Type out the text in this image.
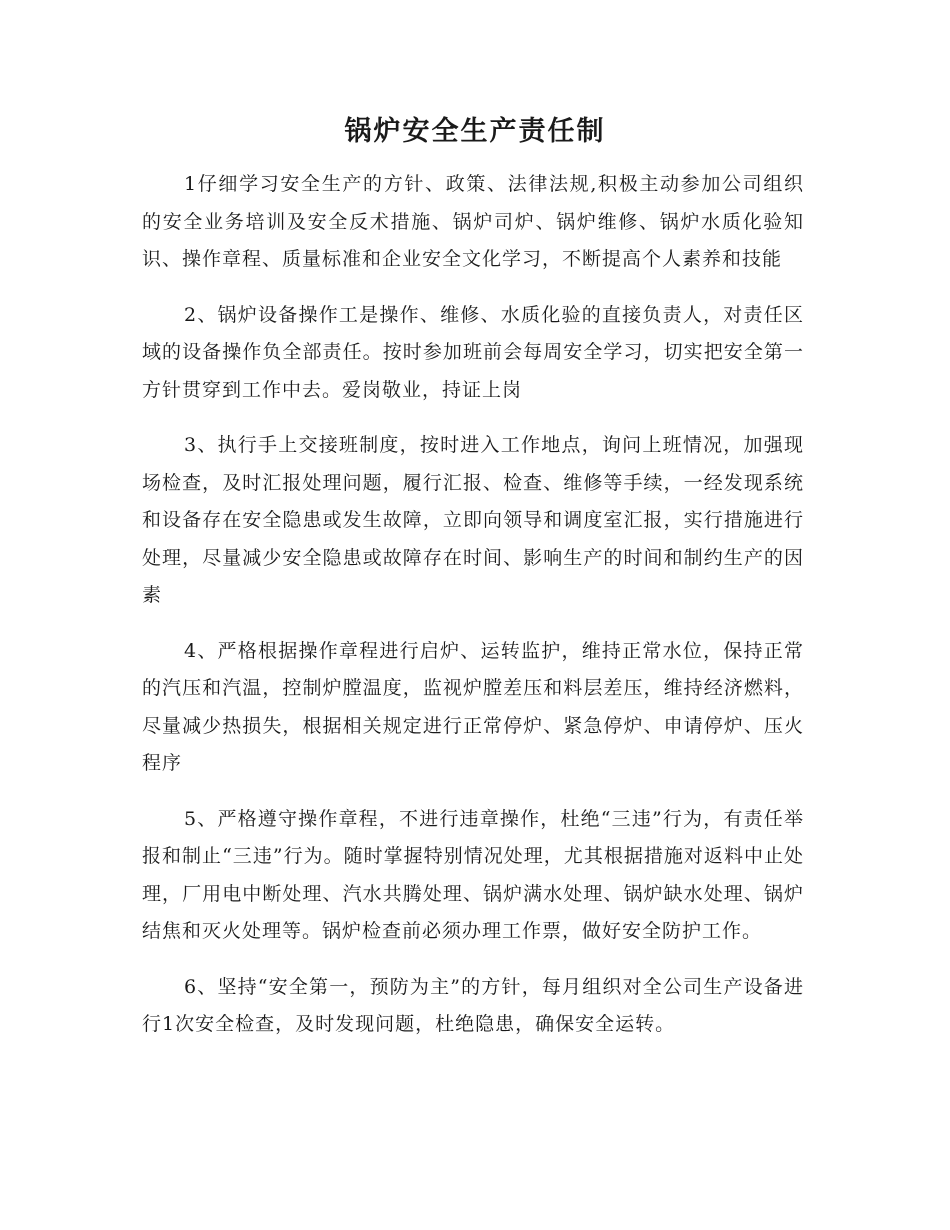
锅炉安全生产责任制

1仔细学习安全生产的方针、政策、法律法规,积极主动参加公司组织的安全业务培训及安全反术措施、锅炉司炉、锅炉维修、锅炉水质化验知识、操作章程、质量标准和企业安全文化学习，不断提高个人素养和技能

2、锅炉设备操作工是操作、维修、水质化验的直接负责人，对责任区域的设备操作负全部责任。按时参加班前会每周安全学习，切实把安全第一方针贯穿到工作中去。爱岗敬业，持证上岗

3、执行手上交接班制度，按时进入工作地点，询问上班情况，加强现场检查，及时汇报处理问题，履行汇报、检查、维修等手续，一经发现系统和设备存在安全隐患或发生故障，立即向领导和调度室汇报，实行措施进行处理，尽量减少安全隐患或故障存在时间、影响生产的时间和制约生产的因素

4、严格根据操作章程进行启炉、运转监护，维持正常水位，保持正常的汽压和汽温，控制炉膛温度，监视炉膛差压和料层差压，维持经济燃料，尽量减少热损失，根据相关规定进行正常停炉、紧急停炉、申请停炉、压火程序

5、严格遵守操作章程，不进行违章操作，杜绝“三违”行为，有责任举报和制止“三违”行为。随时掌握特别情况处理，尤其根据措施对返料中止处理，厂用电中断处理、汽水共腾处理、锅炉满水处理、锅炉缺水处理、锅炉结焦和灭火处理等。锅炉检查前必须办理工作票，做好安全防护工作。

6、坚持“安全第一，预防为主”的方针，每月组织对全公司生产设备进行1次安全检查，及时发现问题，杜绝隐患，确保安全运转。
